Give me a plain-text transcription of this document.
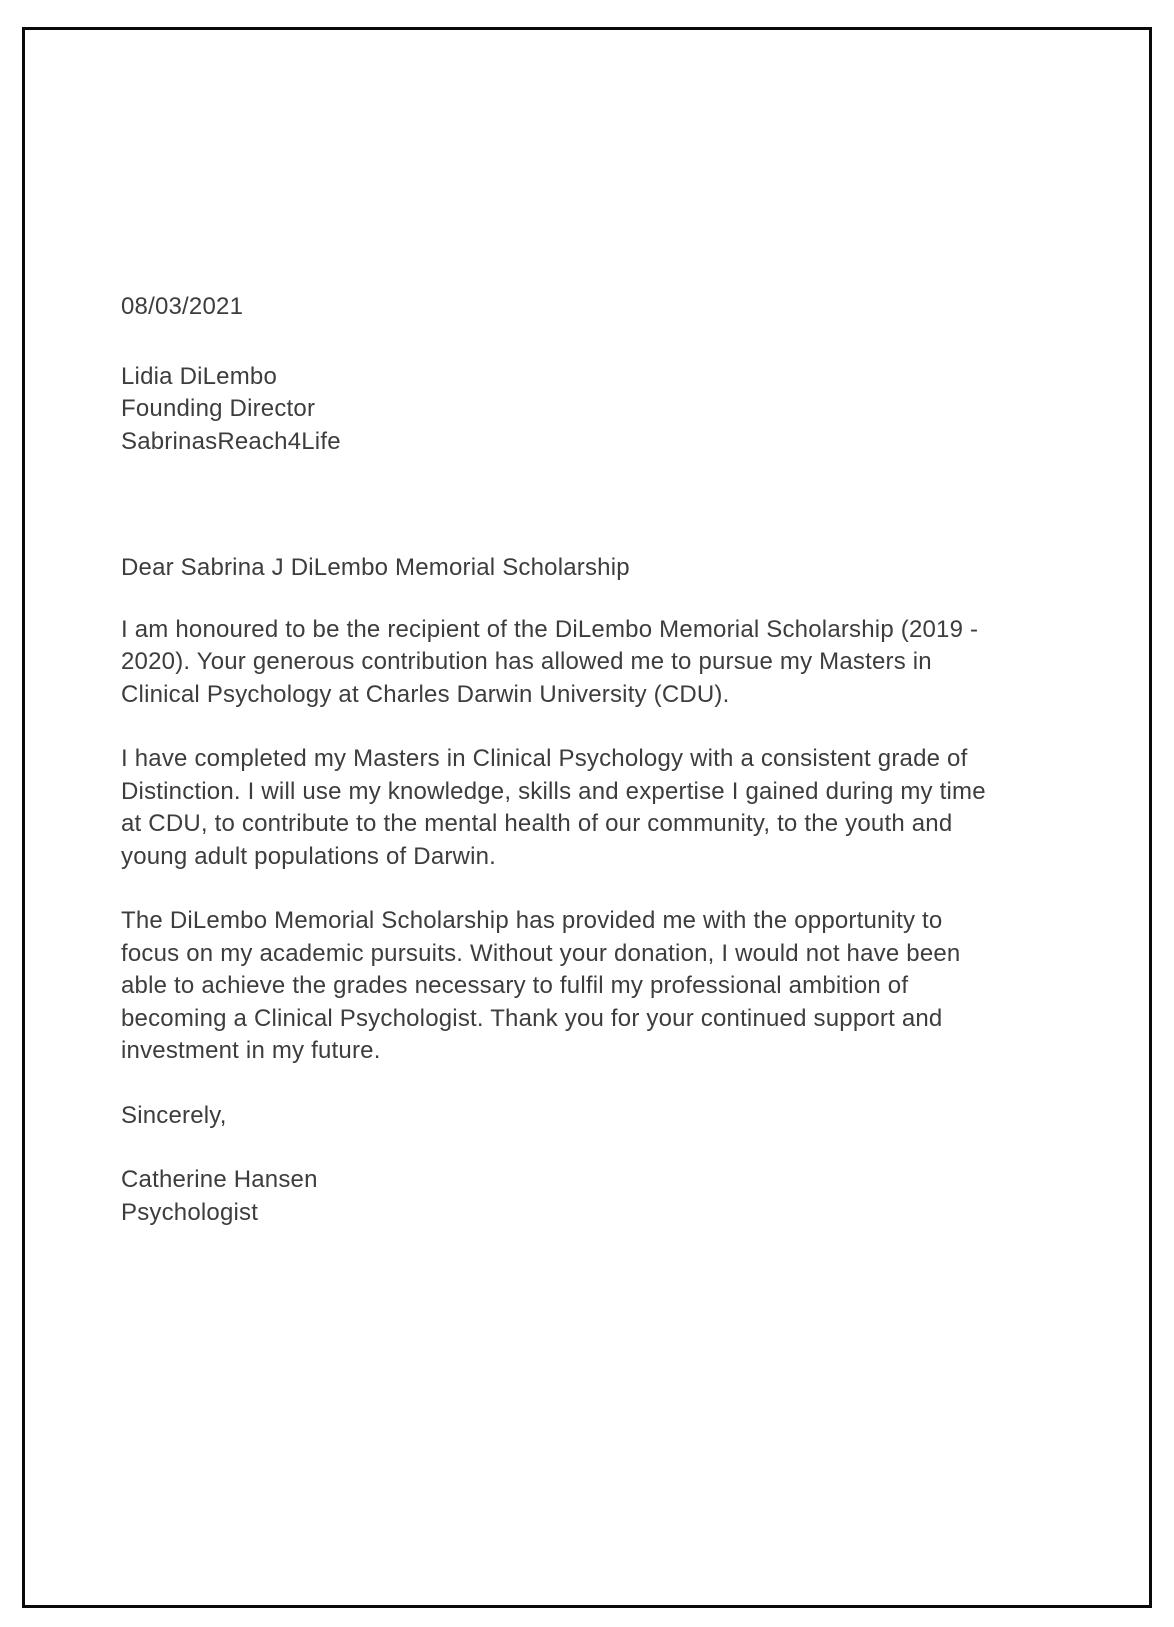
08/03/2021
Lidia DiLembo
Founding Director
SabrinasReach4Life
Dear Sabrina J DiLembo Memorial Scholarship
I am honoured to be the recipient of the DiLembo Memorial Scholarship (2019 -
2020). Your generous contribution has allowed me to pursue my Masters in
Clinical Psychology at Charles Darwin University (CDU).
I have completed my Masters in Clinical Psychology with a consistent grade of
Distinction. I will use my knowledge, skills and expertise I gained during my time
at CDU, to contribute to the mental health of our community, to the youth and
young adult populations of Darwin.
The DiLembo Memorial Scholarship has provided me with the opportunity to
focus on my academic pursuits. Without your donation, I would not have been
able to achieve the grades necessary to fulfil my professional ambition of
becoming a Clinical Psychologist. Thank you for your continued support and
investment in my future.
Sincerely,
Catherine Hansen
Psychologist
